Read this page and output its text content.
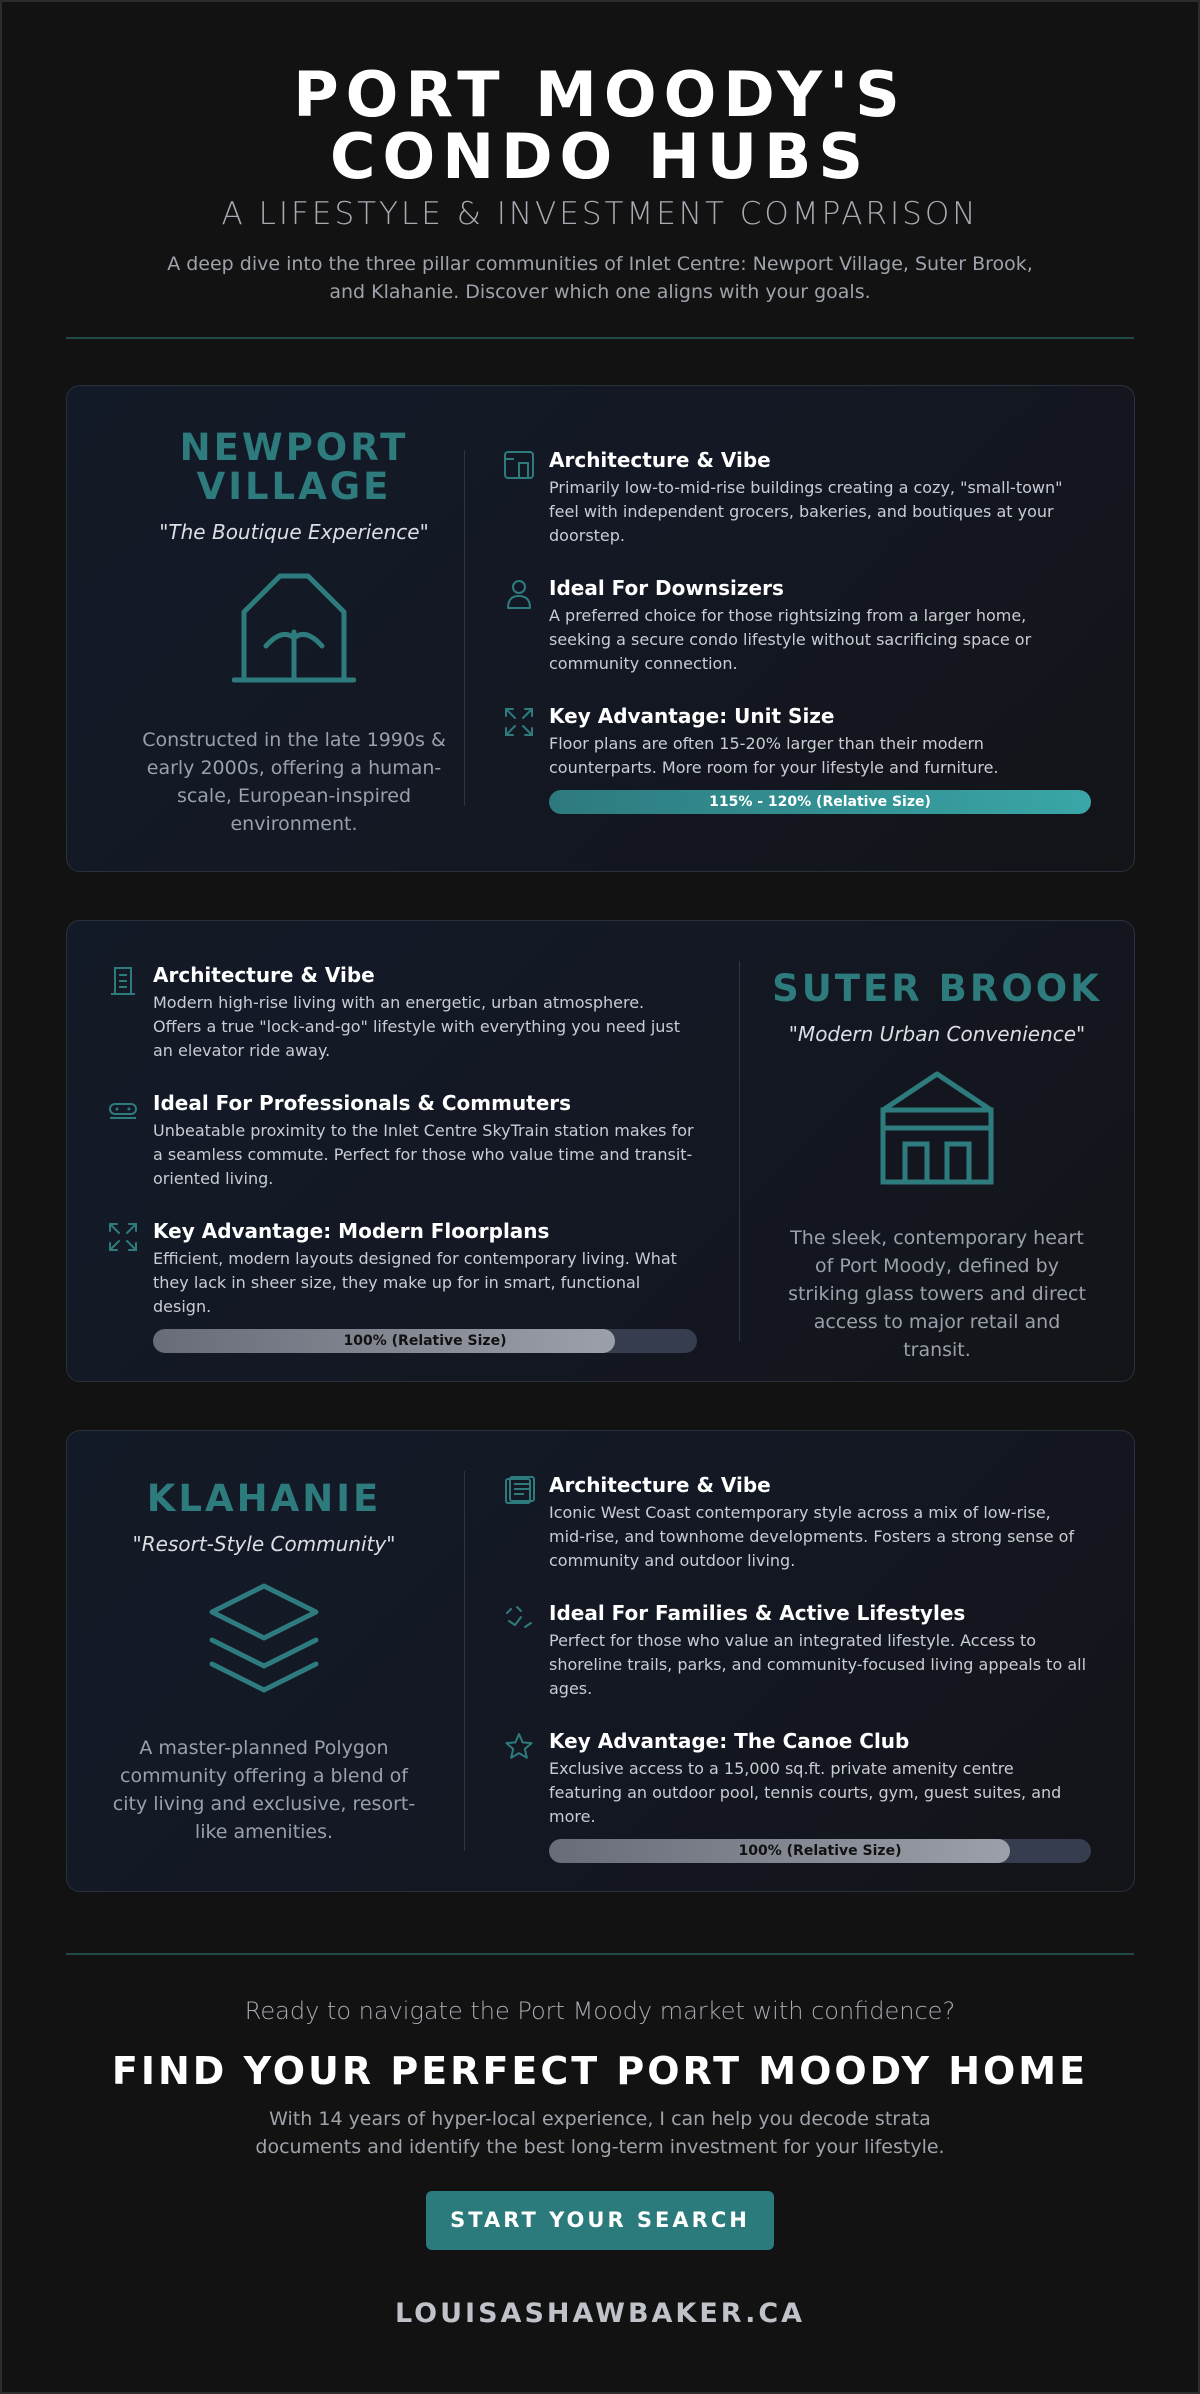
PORT MOODY'S CONDO HUBS
A LIFESTYLE & INVESTMENT COMPARISON

A deep dive into the three pillar communities of Inlet Centre: Newport Village, Suter Brook, and Klahanie. Discover which one aligns with your goals.

NEWPORT VILLAGE
"The Boutique Experience"

Constructed in the late 1990s & early 2000s, offering a human-scale, European-inspired environment.

Architecture & Vibe

Primarily low-to-mid-rise buildings creating a cozy, "small-town" feel with independent grocers, bakeries, and boutiques at your doorstep.

Ideal For Downsizers

A preferred choice for those rightsizing from a larger home, seeking a secure condo lifestyle without sacrificing space or community connection.

Key Advantage: Unit Size

Floor plans are often 15-20% larger than their modern counterparts. More room for your lifestyle and furniture.

115% - 120% (Relative Size)
Architecture & Vibe

Modern high-rise living with an energetic, urban atmosphere. Offers a true "lock-and-go" lifestyle with everything you need just an elevator ride away.

Ideal For Professionals & Commuters

Unbeatable proximity to the Inlet Centre SkyTrain station makes for a seamless commute. Perfect for those who value time and transit-oriented living.

Key Advantage: Modern Floorplans

Efficient, modern layouts designed for contemporary living. What they lack in sheer size, they make up for in smart, functional design.

100% (Relative Size)
SUTER BROOK
"Modern Urban Convenience"

The sleek, contemporary heart of Port Moody, defined by striking glass towers and direct access to major retail and transit.

KLAHANIE
"Resort-Style Community"

A master-planned Polygon community offering a blend of city living and exclusive, resort-like amenities.

Architecture & Vibe

Iconic West Coast contemporary style across a mix of low-rise, mid-rise, and townhome developments. Fosters a strong sense of community and outdoor living.

Ideal For Families & Active Lifestyles

Perfect for those who value an integrated lifestyle. Access to shoreline trails, parks, and community-focused living appeals to all ages.

Key Advantage: The Canoe Club

Exclusive access to a 15,000 sq.ft. private amenity centre featuring an outdoor pool, tennis courts, gym, guest suites, and more.

100% (Relative Size)
Ready to navigate the Port Moody market with confidence?
FIND YOUR PERFECT PORT MOODY HOME

With 14 years of hyper-local experience, I can help you decode strata documents and identify the best long-term investment for your lifestyle.

START YOUR SEARCH
LOUISASHAWBAKER.CA
